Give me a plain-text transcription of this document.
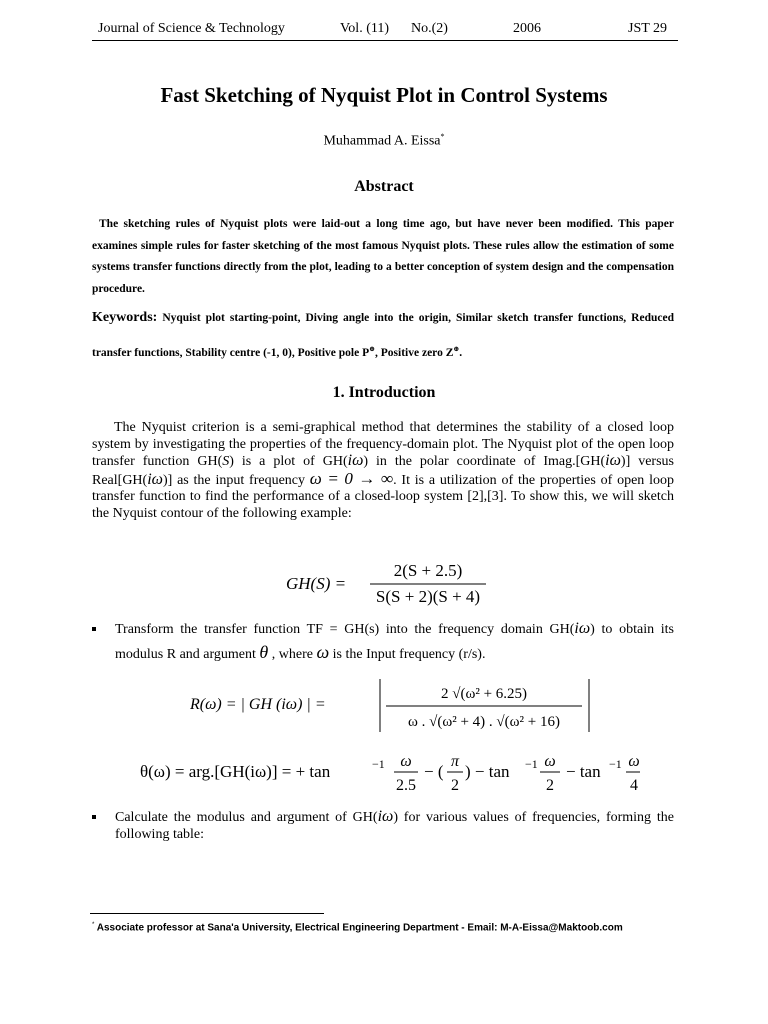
Journal of Science & Technology	Vol. (11) No.(2)	2006	JST 29
Fast Sketching of Nyquist Plot in Control Systems
Muhammad A. Eissa*
Abstract
The sketching rules of Nyquist plots were laid-out a long time ago, but have never been modified. This paper examines simple rules for faster sketching of the most famous Nyquist plots. These rules allow the estimation of some systems transfer functions directly from the plot, leading to a better conception of system design and the compensation procedure.
Keywords: Nyquist plot starting-point, Diving angle into the origin, Similar sketch transfer functions, Reduced transfer functions, Stability centre (-1, 0), Positive pole P⊕, Positive zero Z⊕.
1. Introduction

The Nyquist criterion is a semi-graphical method that determines the stability of a closed loop system by investigating the properties of the frequency-domain plot. The Nyquist plot of the open loop transfer function GH(S) is a plot of GH(iω) in the polar coordinate of Imag.[GH(iω)] versus Real[GH(iω)] as the input frequency ω = 0 → ∞. It is a utilization of the properties of open loop transfer function to find the performance of a closed-loop system [2],[3]. To show this, we will sketch the Nyquist contour of the following example:

GH(S) =
2(S + 2.5)
S(S + 2)(S + 4)
Transform the transfer function TF = GH(s) into the frequency domain GH(iω) to obtain its modulus R and argument θ , where ω is the Input frequency (r/s).
R(ω) = | GH (iω) | =
2 √(ω² + 6.25)
ω . √(ω² + 4) . √(ω² + 16)
θ(ω) = arg.[GH(iω)] = + tan	−1 ω
2.5
− (
π
2
) − tan −1 ω
2
− tan −1 ω
4
Calculate the modulus and argument of GH(iω) for various values of frequencies, forming the following table:
* Associate professor at Sana'a University, Electrical Engineering Department - Email: M-A-Eissa@Maktoob.com
